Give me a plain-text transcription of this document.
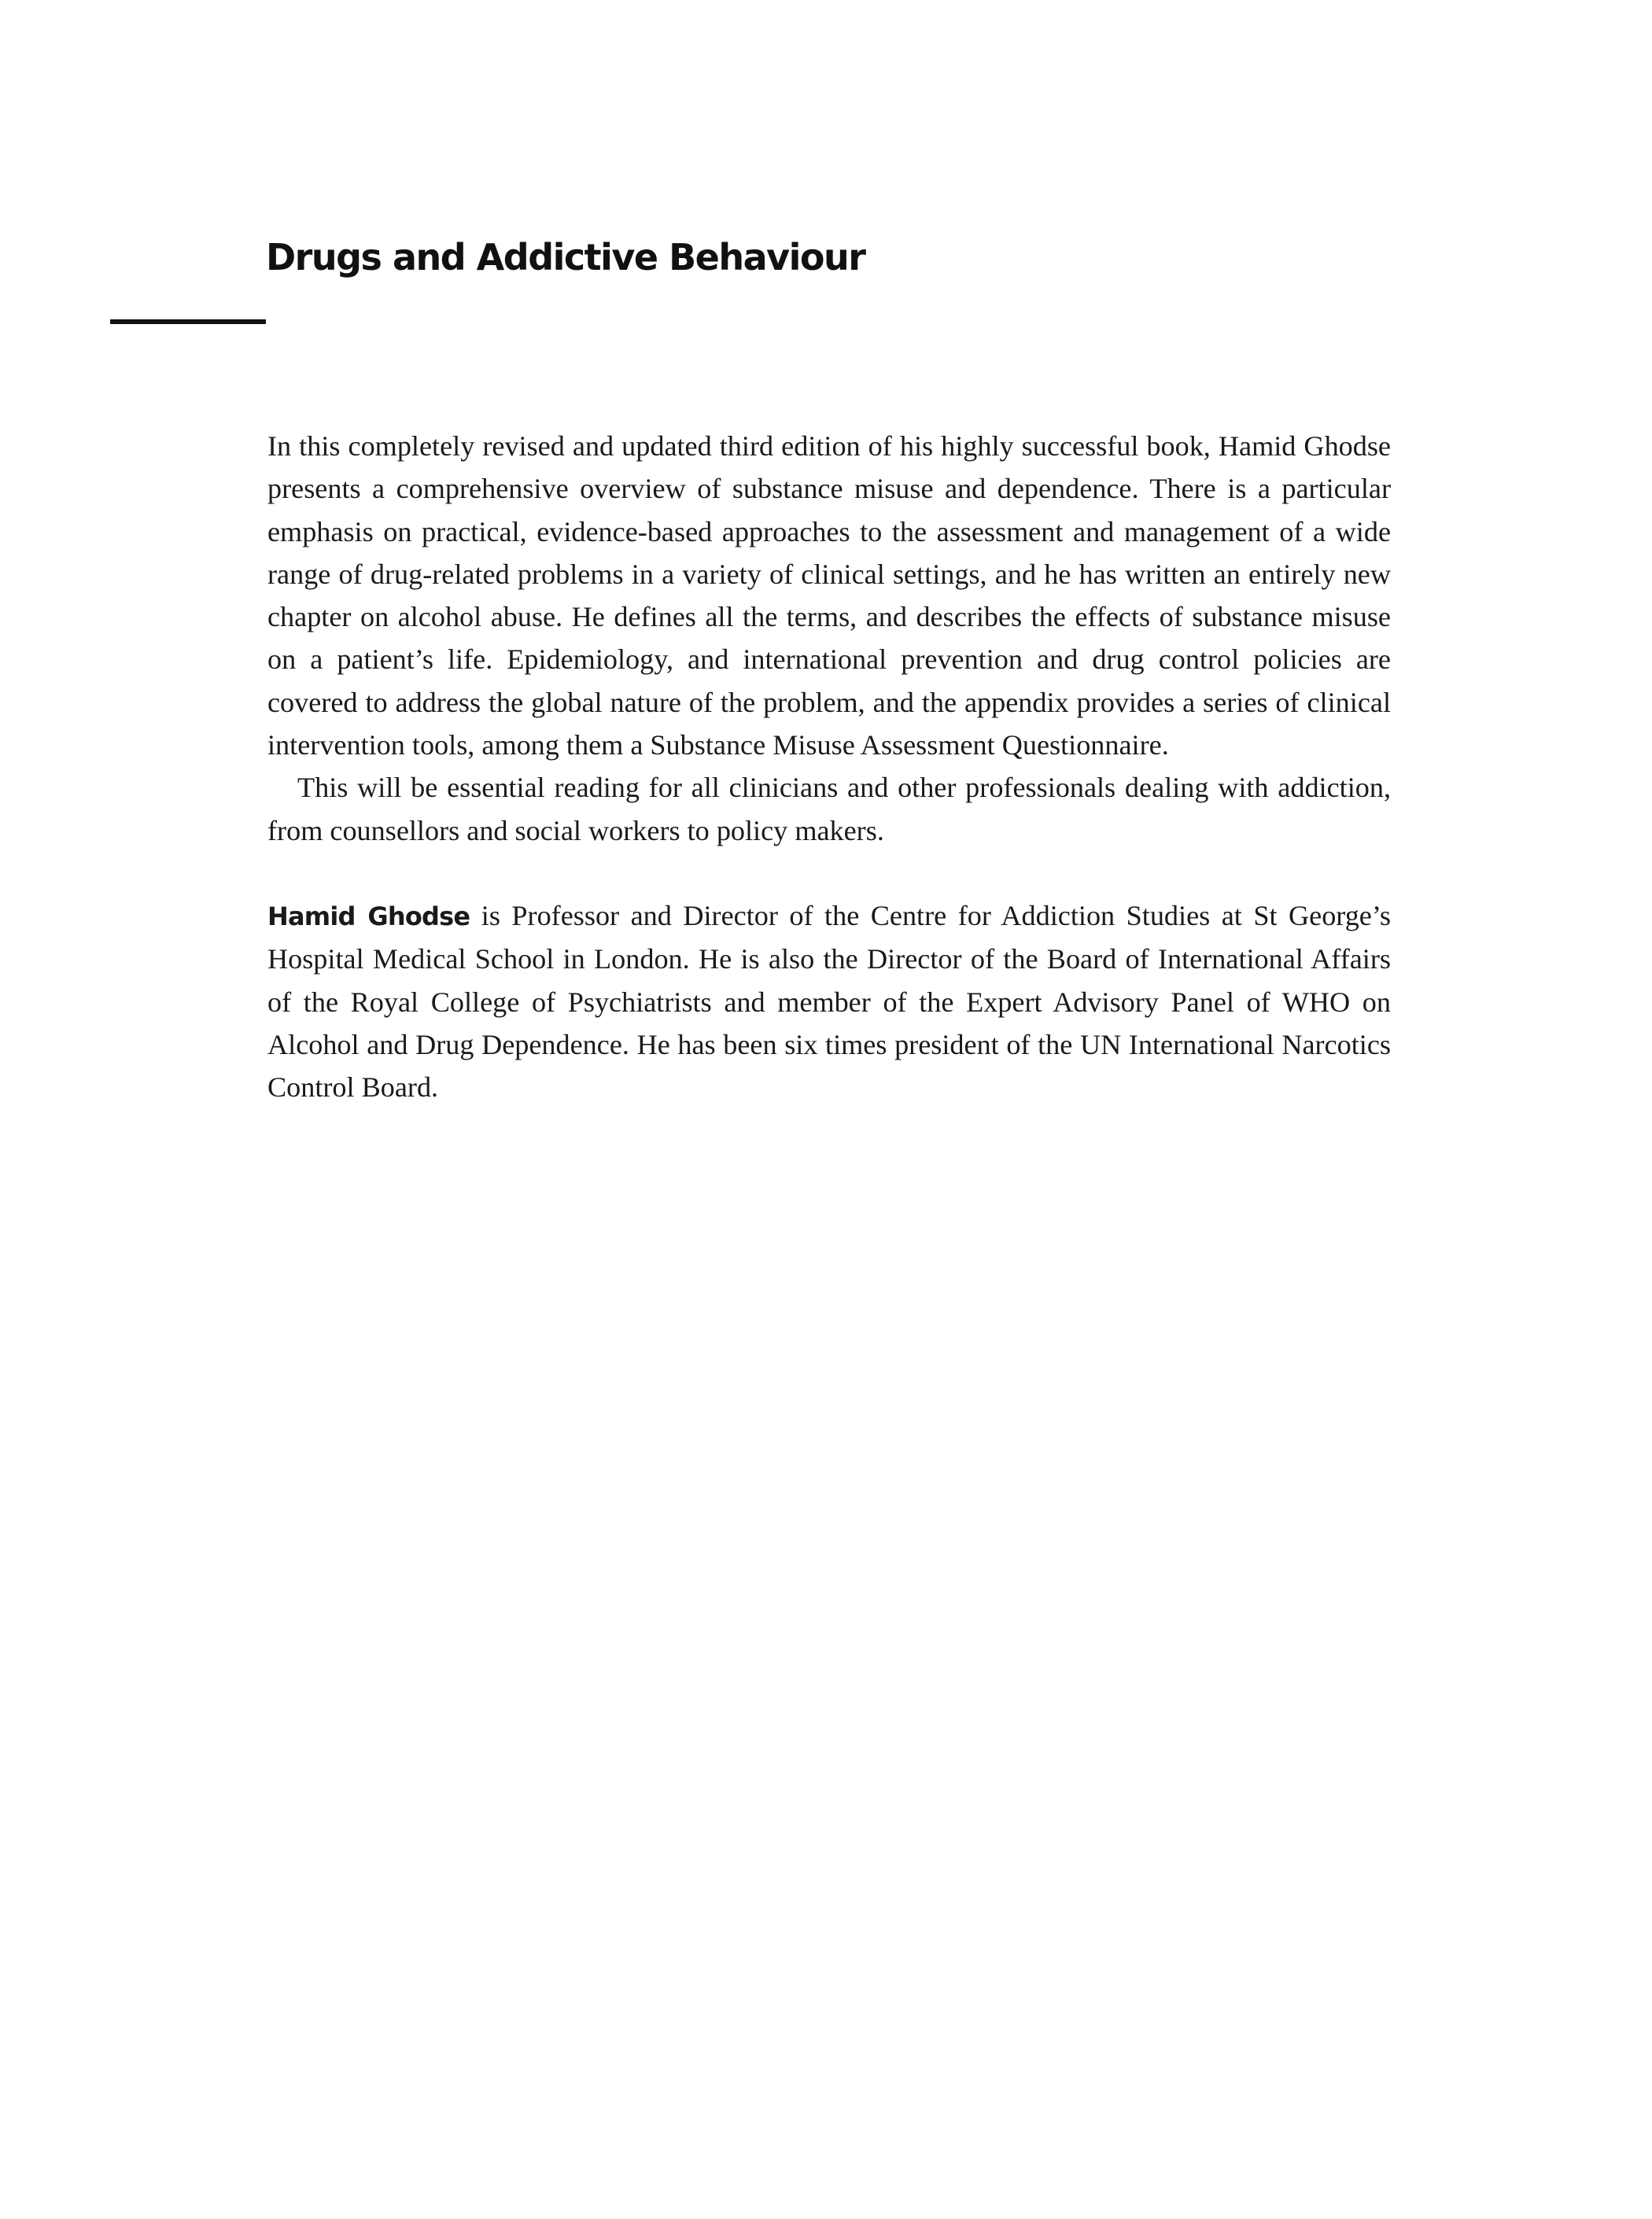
Drugs and Addictive Behaviour

In this completely revised and updated third edition of his highly successful book, Hamid Ghodse presents a comprehensive overview of substance misuse and dependence. There is a particular emphasis on practical, evidence-based approaches to the assessment and management of a wide range of drug-related problems in a variety of clinical settings, and he has written an entirely new chapter on alcohol abuse. He defines all the terms, and describes the effects of substance misuse on a patient’s life. Epidemiology, and international prevention and drug control policies are covered to address the global nature of the problem, and the appendix provides a series of clinical intervention tools, among them a Substance Misuse Assessment Questionnaire.

This will be essential reading for all clinicians and other professionals dealing with addiction, from counsellors and social workers to policy makers.

Hamid Ghodse is Professor and Director of the Centre for Addiction Studies at St George’s Hospital Medical School in London. He is also the Director of the Board of International Affairs of the Royal College of Psychiatrists and member of the Expert Advisory Panel of WHO on Alcohol and Drug Dependence. He has been six times president of the UN International Narcotics Control Board.
